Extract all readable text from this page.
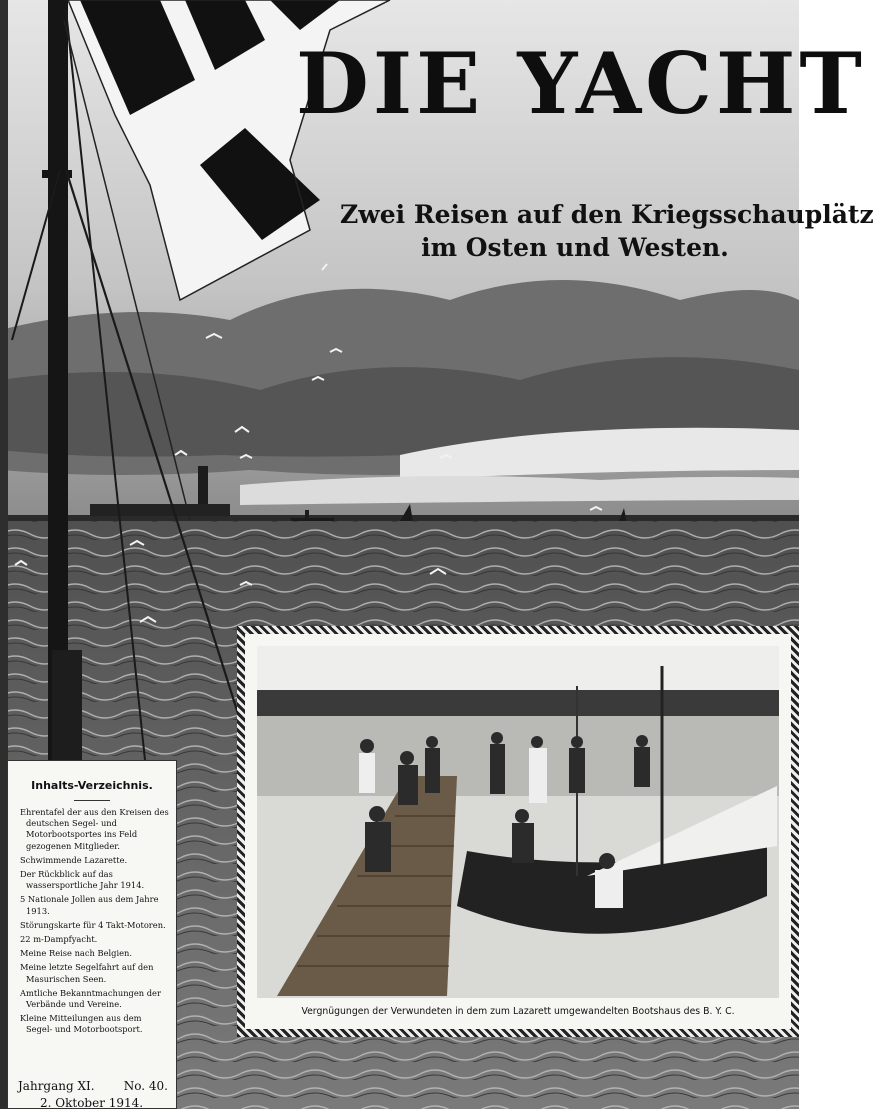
DIE YACHT
Zwei Reisen auf den Kriegsschauplätz
im Osten und Westen.
Vergnügungen der Verwundeten in dem zum Lazarett umgewandelten Bootshaus des B. Y. C.
Inhalts-Verzeichnis.
Ehrentafel der aus den Kreisen des deutschen Segel- und Motorbootsportes ins Feld gezogenen Mitglieder.
Schwimmende Lazarette.
Der Rückblick auf das wassersportliche Jahr 1914.
5 Nationale Jollen aus dem Jahre 1913.
Störungskarte für 4 Takt-Motoren.
22 m-Dampfyacht.
Meine Reise nach Belgien.
Meine letzte Segelfahrt auf den Masurischen Seen.
Amtliche Bekanntmachungen der Verbände und Vereine.
Kleine Mitteilungen aus dem Segel- und Motorbootsport.
Jahrgang XI. No. 40.
2. Oktober 1914.
